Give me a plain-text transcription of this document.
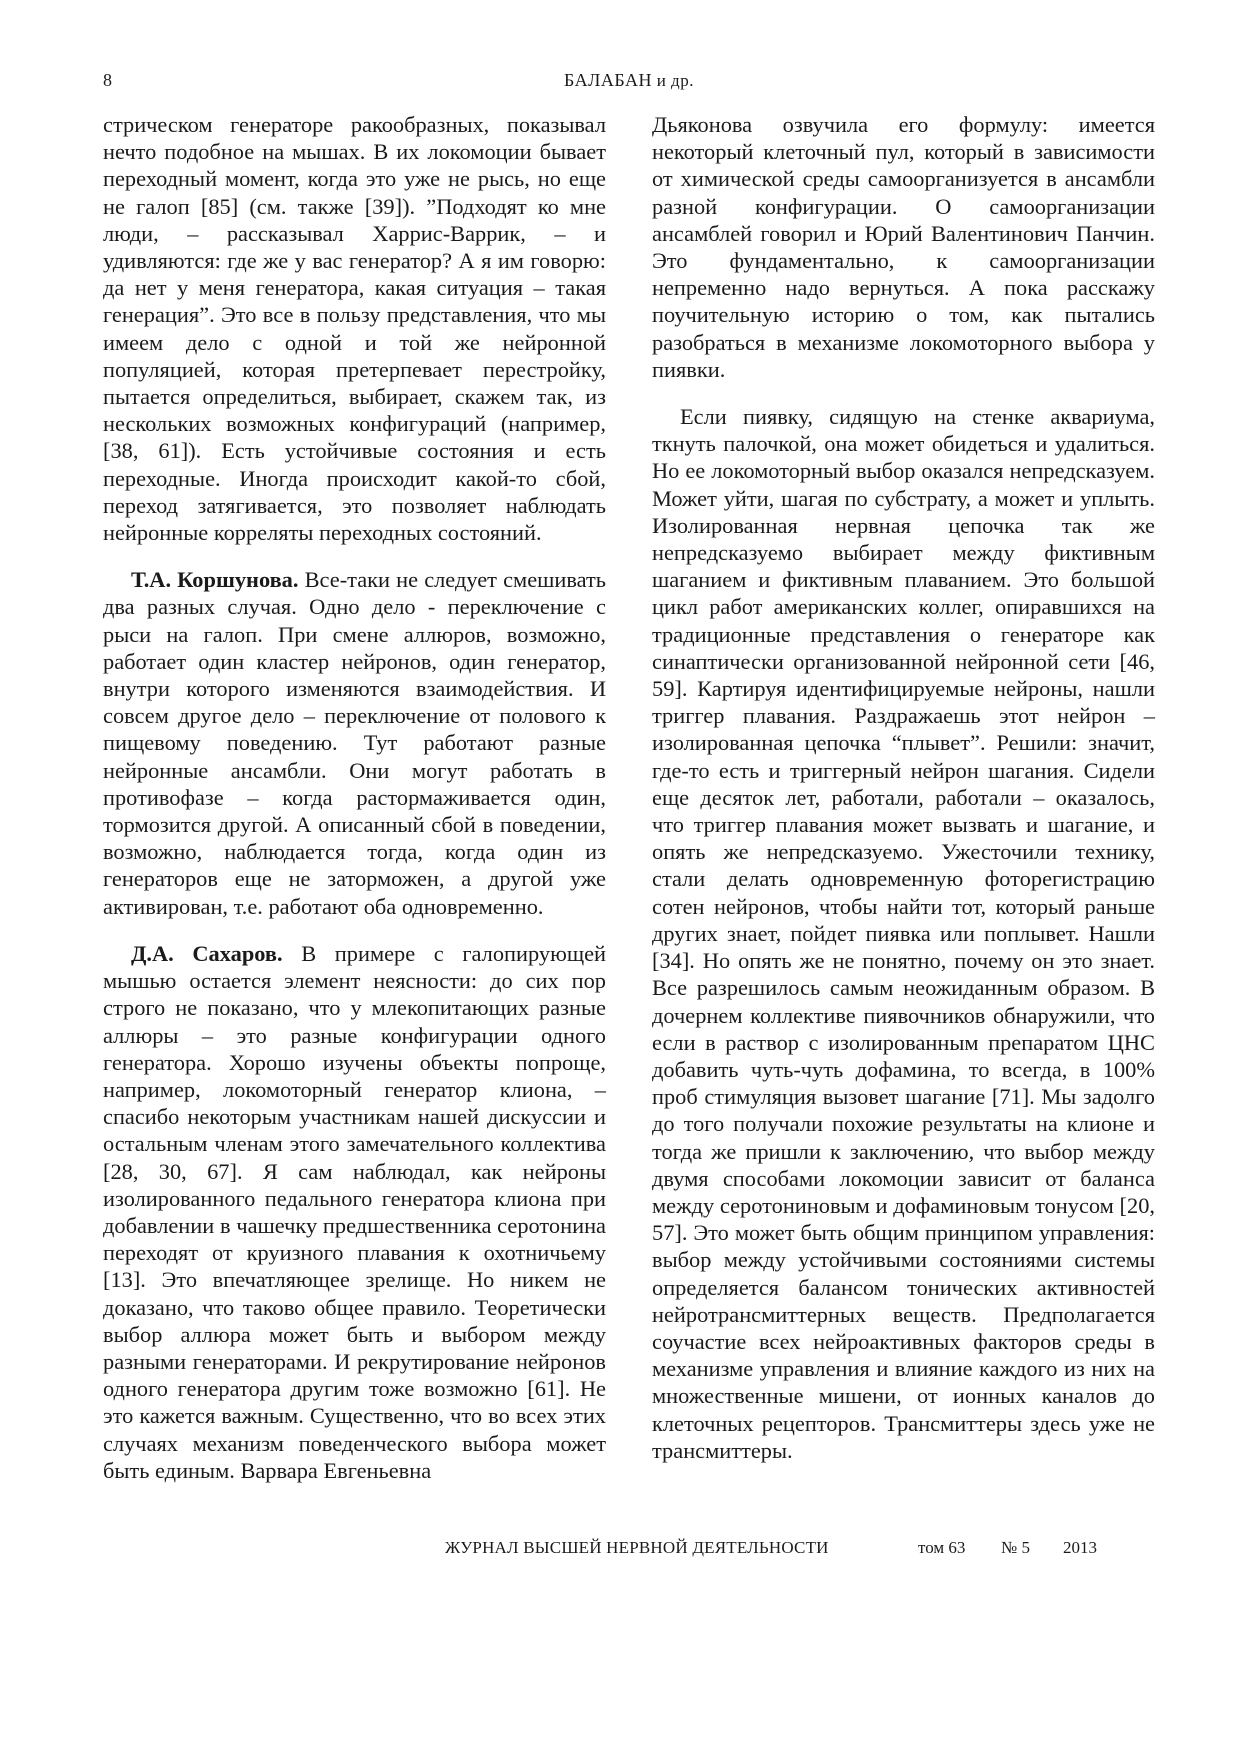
8	БАЛАБАН и др.

стрическом генераторе ракообразных, показывал нечто подобное на мышах. В их локомоции бывает переходный момент, когда это уже не рысь, но еще не галоп [85] (см. также [39]). ”Подходят ко мне люди, – рассказывал Харрис-Варрик, – и удивляются: где же у вас генератор? А я им говорю: да нет у меня генератора, какая ситуация – такая генерация”. Это все в пользу представления, что мы имеем дело с одной и той же нейронной популяцией, которая претерпевает перестройку, пытается определиться, выбирает, скажем так, из нескольких возможных конфигураций (например, [38, 61]). Есть устойчивые состояния и есть переходные. Иногда происходит какой-то сбой, переход затягивается, это позволяет наблюдать нейронные корреляты переходных состояний.

Т.А. Коршунова. Все-таки не следует смешивать два разных случая. Одно дело - переключение с рыси на галоп. При смене аллюров, возможно, работает один кластер нейронов, один генератор, внутри которого изменяются взаимодействия. И совсем другое дело – переключение от полового к пищевому поведению. Тут работают разные нейронные ансамбли. Они могут работать в противофазе – когда растормаживается один, тормозится другой. А описанный сбой в поведении, возможно, наблюдается тогда, когда один из генераторов еще не заторможен, а другой уже активирован, т.е. работают оба одновременно.

Д.А. Сахаров. В примере с галопирующей мышью остается элемент неясности: до сих пор строго не показано, что у млекопитающих разные аллюры – это разные конфигурации одного генератора. Хорошо изучены объекты попроще, например, локомоторный генератор клиона, – спасибо некоторым участникам нашей дискуссии и остальным членам этого замечательного коллектива [28, 30, 67]. Я сам наблюдал, как нейроны изолированного педального генератора клиона при добавлении в чашечку предшественника серотонина переходят от круизного плавания к охотничьему [13]. Это впечатляющее зрелище. Но никем не доказано, что таково общее правило. Теоретически выбор аллюра может быть и выбором между разными генераторами. И рекрутирование нейронов одного генератора другим тоже возможно [61]. Не это кажется важным. Существенно, что во всех этих случаях механизм поведенческого выбора может быть единым. Варвара Евгеньевна

Дьяконова озвучила его формулу: имеется некоторый клеточный пул, который в зависимости от химической среды самоорганизуется в ансамбли разной конфигурации. О самоорганизации ансамблей говорил и Юрий Валентинович Панчин. Это фундаментально, к самоорганизации непременно надо вернуться. А пока расскажу поучительную историю о том, как пытались разобраться в механизме локомоторного выбора у пиявки.

Если пиявку, сидящую на стенке аквариума, ткнуть палочкой, она может обидеться и удалиться. Но ее локомоторный выбор оказался непредсказуем. Может уйти, шагая по субстрату, а может и уплыть. Изолированная нервная цепочка так же непредсказуемо выбирает между фиктивным шаганием и фиктивным плаванием. Это большой цикл работ американских коллег, опиравшихся на традиционные представления о генераторе как синаптически организованной нейронной сети [46, 59]. Картируя идентифицируемые нейроны, нашли триггер плавания. Раздражаешь этот нейрон – изолированная цепочка “плывет”. Решили: значит, где-то есть и триггерный нейрон шагания. Сидели еще десяток лет, работали, работали – оказалось, что триггер плавания может вызвать и шагание, и опять же непредсказуемо. Ужесточили технику, стали делать одновременную фоторегистрацию сотен нейронов, чтобы найти тот, который раньше других знает, пойдет пиявка или поплывет. Нашли [34]. Но опять же не понятно, почему он это знает. Все разрешилось самым неожиданным образом. В дочернем коллективе пиявочников обнаружили, что если в раствор с изолированным препаратом ЦНС добавить чуть-чуть дофамина, то всегда, в 100% проб стимуляция вызовет шагание [71]. Мы задолго до того получали похожие результаты на клионе и тогда же пришли к заключению, что выбор между двумя способами локомоции зависит от баланса между серотониновым и дофаминовым тонусом [20, 57]. Это может быть общим принципом управления: выбор между устойчивыми состояниями системы определяется балансом тонических активностей нейротрансмиттерных веществ. Предполагается соучастие всех нейроактивных факторов среды в механизме управления и влияние каждого из них на множественные мишени, от ионных каналов до клеточных рецепторов. Трансмиттеры здесь уже не трансмиттеры.

ЖУРНАЛ ВЫСШЕЙ НЕРВНОЙ ДЕЯТЕЛЬНОСТИ	том 63 № 5 2013
